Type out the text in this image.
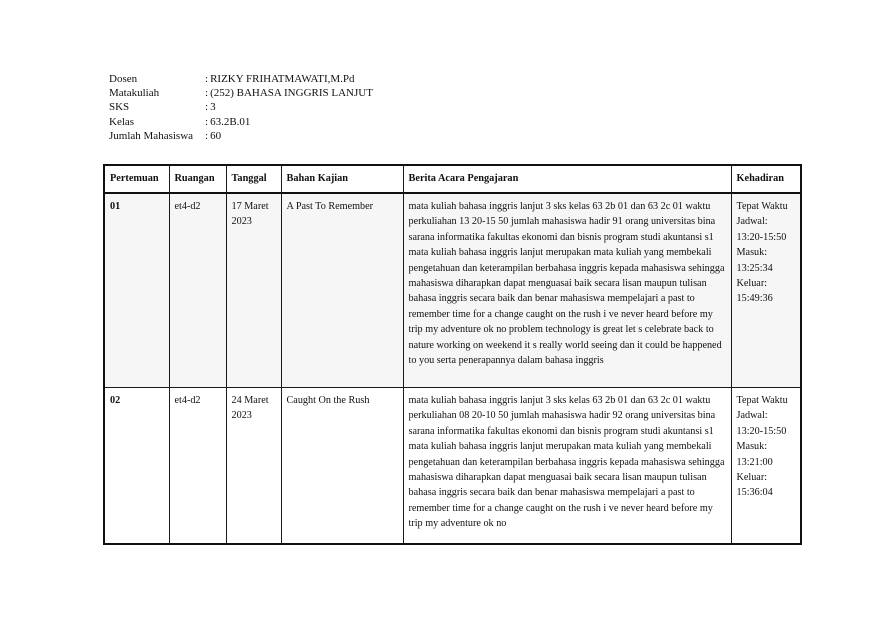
Dosen	: RIZKY FRIHATMAWATI,M.Pd
Matakuliah	: (252) BAHASA INGGRIS LANJUT
SKS	: 3
Kelas	: 63.2B.01
Jumlah Mahasiswa	: 60
Pertemuan	Ruangan	Tanggal	Bahan Kajian	Berita Acara Pengajaran	Kehadiran
01	et4-d2	17 Maret 2023	A Past To Remember	mata kuliah bahasa inggris lanjut 3 sks kelas 63 2b 01 dan 63 2c 01 waktu perkuliahan 13 20-15 50 jumlah mahasiswa hadir 91 orang universitas bina sarana informatika fakultas ekonomi dan bisnis program studi akuntansi s1 mata kuliah bahasa inggris lanjut merupakan mata kuliah yang membekali pengetahuan dan keterampilan berbahasa inggris kepada mahasiswa sehingga mahasiswa diharapkan dapat menguasai baik secara lisan maupun tulisan bahasa inggris secara baik dan benar mahasiswa mempelajari a past to remember time for a change caught on the rush i ve never heard before my trip my adventure ok no problem technology is great let s celebrate back to nature working on weekend it s really world seeing dan it could be happened to you serta penerapannya dalam bahasa inggris	Tepat Waktu Jadwal: 13:20-15:50 Masuk: 13:25:34 Keluar: 15:49:36
02	et4-d2	24 Maret 2023	Caught On the Rush	mata kuliah bahasa inggris lanjut 3 sks kelas 63 2b 01 dan 63 2c 01 waktu perkuliahan 08 20-10 50 jumlah mahasiswa hadir 92 orang universitas bina sarana informatika fakultas ekonomi dan bisnis program studi akuntansi s1 mata kuliah bahasa inggris lanjut merupakan mata kuliah yang membekali pengetahuan dan keterampilan berbahasa inggris kepada mahasiswa sehingga mahasiswa diharapkan dapat menguasai baik secara lisan maupun tulisan bahasa inggris secara baik dan benar mahasiswa mempelajari a past to remember time for a change caught on the rush i ve never heard before my trip my adventure ok no	Tepat Waktu Jadwal: 13:20-15:50 Masuk: 13:21:00 Keluar: 15:36:04
